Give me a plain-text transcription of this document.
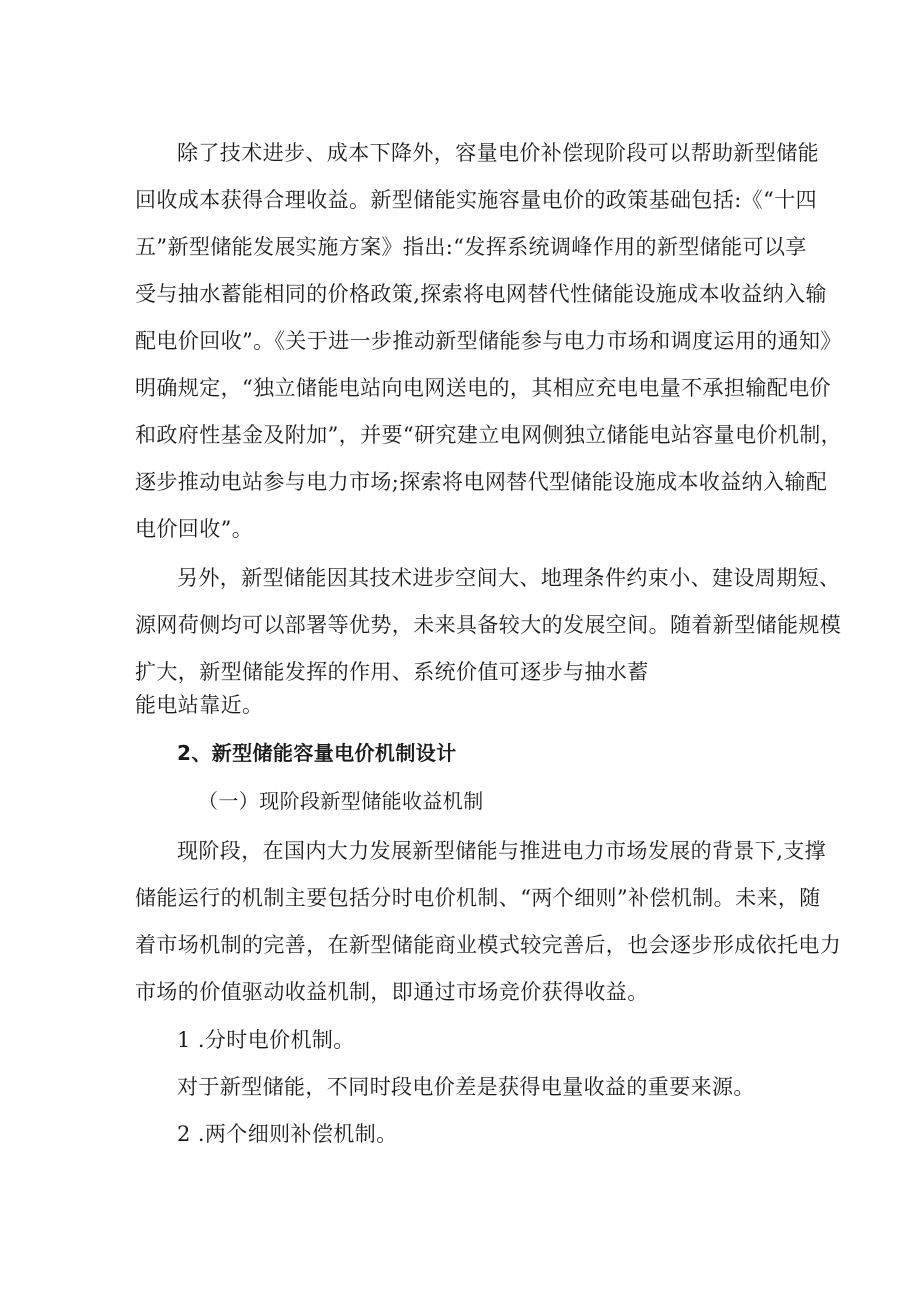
除了技术进步、成本下降外，容量电价补偿现阶段可以帮助新型储能
回收成本获得合理收益。新型储能实施容量电价的政策基础包括:《“十四
五”新型储能发展实施方案》指出:“发挥系统调峰作用的新型储能可以享
受与抽水蓄能相同的价格政策,探索将电网替代性储能设施成本收益纳入输
配电价回收”。《关于进一步推动新型储能参与电力市场和调度运用的通知》
明确规定，“独立储能电站向电网送电的，其相应充电电量不承担输配电价
和政府性基金及附加”，并要“研究建立电网侧独立储能电站容量电价机制，
逐步推动电站参与电力市场;探索将电网替代型储能设施成本收益纳入输配
电价回收”。
另外，新型储能因其技术进步空间大、地理条件约束小、建设周期短、
源网荷侧均可以部署等优势，未来具备较大的发展空间。随着新型储能规模
扩大，新型储能发挥的作用、系统价值可逐步与抽水蓄
能电站靠近。
2、新型储能容量电价机制设计
（一）现阶段新型储能收益机制
现阶段，在国内大力发展新型储能与推进电力市场发展的背景下,支撑
储能运行的机制主要包括分时电价机制、“两个细则”补偿机制。未来，随
着市场机制的完善，在新型储能商业模式较完善后，也会逐步形成依托电力
市场的价值驱动收益机制，即通过市场竞价获得收益。
1 .分时电价机制。
对于新型储能，不同时段电价差是获得电量收益的重要来源。
2 .两个细则补偿机制。
